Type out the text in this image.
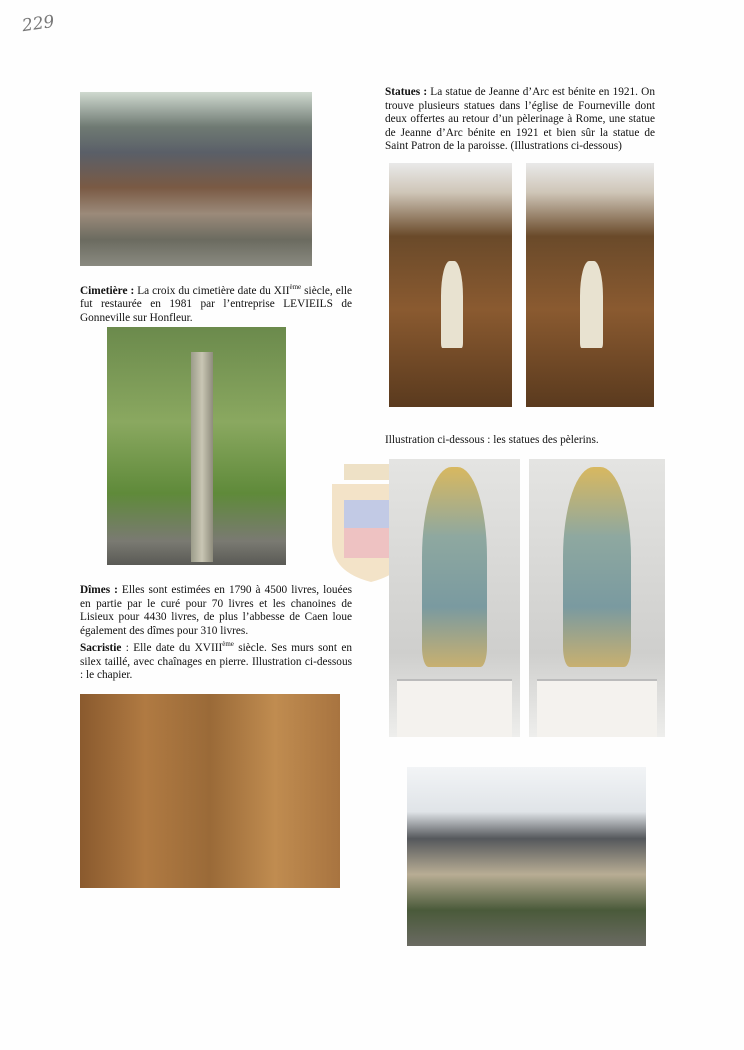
229
Cimetière : La croix du cimetière date du XIIème siècle, elle fut restaurée en 1981 par l’entreprise LEVIEILS de Gonneville sur Honfleur.
Dîmes : Elles sont estimées en 1790 à 4500 livres, louées en partie par le curé pour 70 livres et les chanoines de Lisieux pour 4430 livres, de plus l’abbesse de Caen loue également des dîmes pour 310 livres.
Sacristie : Elle date du XVIIIème siècle. Ses murs sont en silex taillé, avec chaînages en pierre. Illustration ci-dessous : le chapier.
Statues : La statue de Jeanne d’Arc est bénite en 1921. On trouve plusieurs statues dans l’église de Fourneville dont deux offertes au retour d’un pèlerinage à Rome, une statue de Jeanne d’Arc bénite en 1921 et bien sûr la statue de Saint Patron de la paroisse. (Illustrations ci-dessous)
Illustration ci-dessous : les statues des pèlerins.
